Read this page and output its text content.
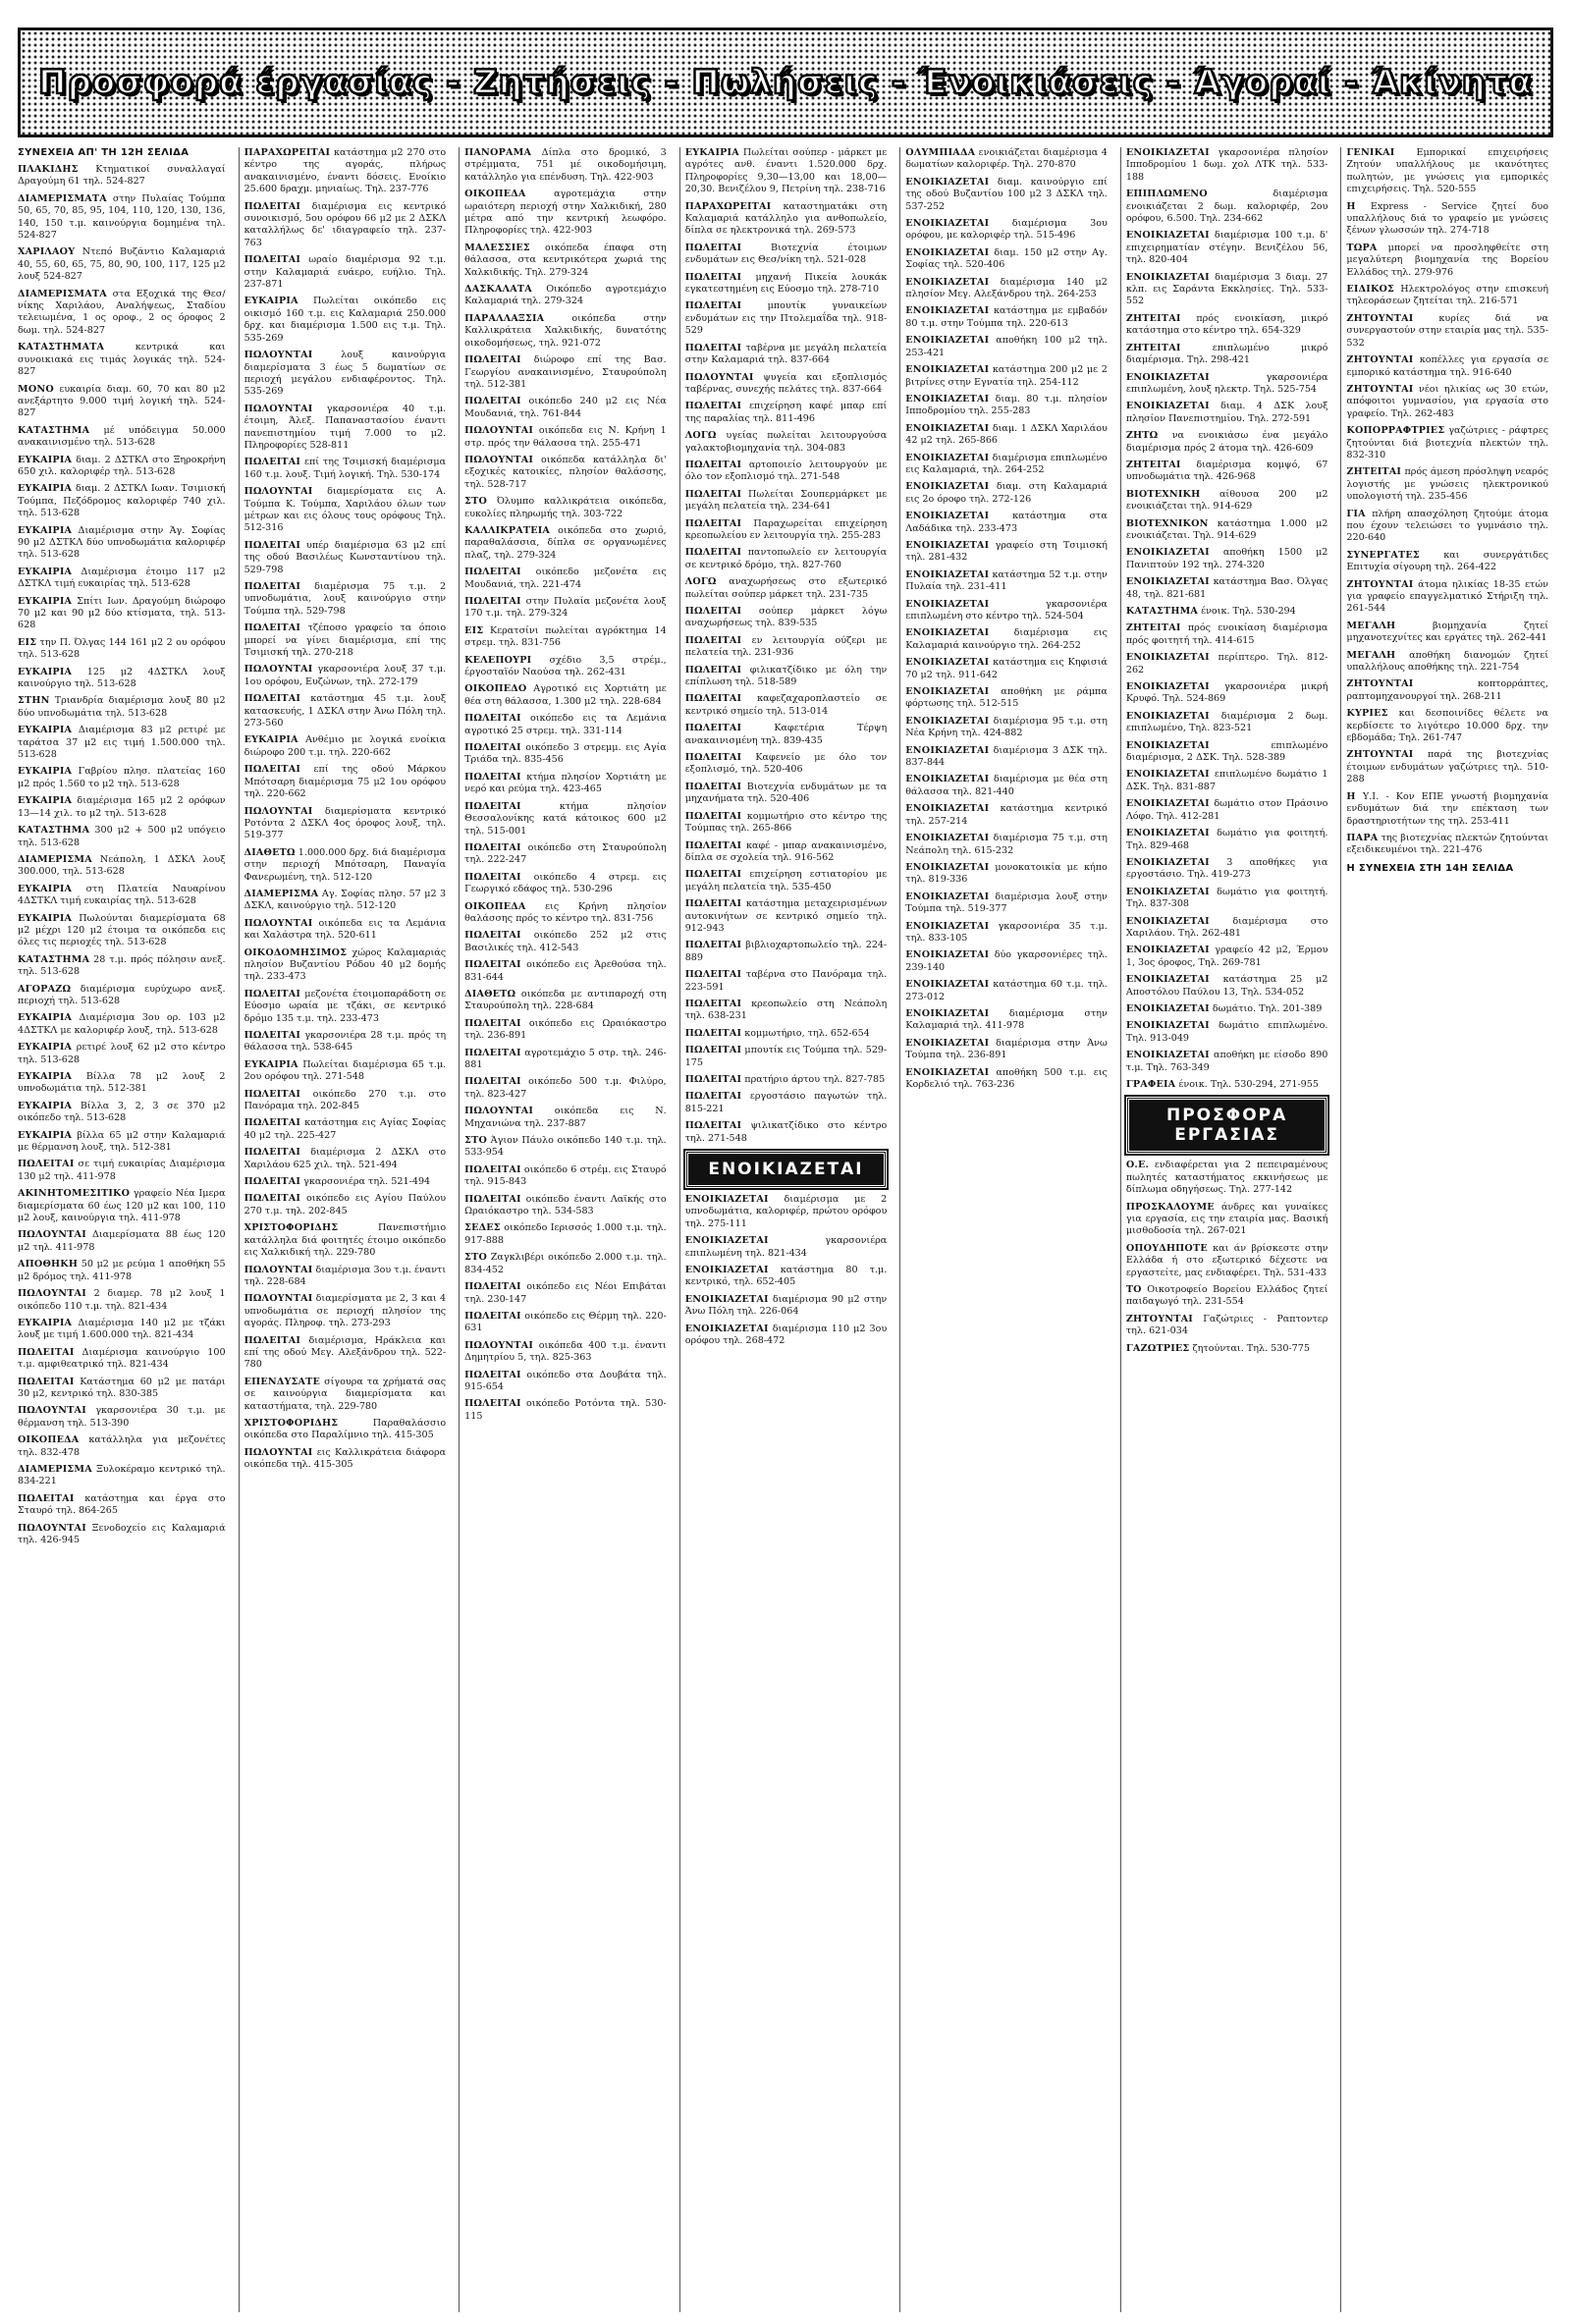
Προσφορά έργασίας - Ζητήσεις - Πωλήσεις - Ένοικιάσεις - Άγοραί - Άκίνητα
ΣΥΝΕΧΕΙΑ ΑΠ' ΤΗ 12Η ΣΕΛΙΔΑ

ΠΛΑΚΙΔΗΣ Κτηματικοί συναλλαγαί Δραγούμη 61 τηλ. 524-827

ΔΙΑΜΕΡΙΣΜΑΤΑ στην Πυλαίας Τούμπα 50, 65, 70, 85, 95, 104, 110, 120, 130, 136, 140, 150 τ.μ. καινούργια δομημένα τηλ. 524-827

ΧΑΡΙΛΑΟΥ Ντεπό Βυζάντιο Καλαμαριά 40, 55, 60, 65, 75, 80, 90, 100, 117, 125 μ2 λουξ 524-827

ΔΙΑΜΕΡΙΣΜΑΤΑ στα Εξοχικά της Θεσ/νίκης Χαριλάου, Αναλήψεως, Σταδίου τελειωμένα, 1 ος οροφ., 2 ος όροφος 2 δωμ. τηλ. 524-827

ΚΑΤΑΣΤΗΜΑΤΑ	κεντρικά και συνοικιακά εις τιμάς λογικάς τηλ. 524-827

ΜΟΝΟ ευκαιρία διαμ. 60, 70 και 80 μ2 ανεξάρτητο 9.000 τιμή λογική τηλ. 524-827

ΚΑΤΑΣΤΗΜΑ μέ υπόδειγμα 50.000 ανακαινισμένο τηλ. 513-628

ΕΥΚΑΙΡΙΑ διαμ. 2 ΔΣΤΚΛ στο Ξηροκρήνη 650 χιλ. καλοριφέρ τηλ. 513-628

ΕΥΚΑΙΡΙΑ διαμ. 2 ΔΣΤΚΛ Ιωαν. Τσιμισκή Τούμπα, Πεζόδρομος καλοριφέρ 740 χιλ. τηλ. 513-628

ΕΥΚΑΙΡΙΑ Διαμέρισμα στην Άγ. Σοφίας 90 μ2 ΔΣΤΚΛ δύο υπνοδωμάτια καλοριφέρ τηλ. 513-628

ΕΥΚΑΙΡΙΑ Διαμέρισμα έτοιμο 117 μ2 ΔΣΤΚΛ τιμή ευκαιρίας τηλ. 513-628

ΕΥΚΑΙΡΙΑ Σπίτι Ιων. Δραγούμη διώροφο 70 μ2 και 90 μ2 δύο κτίσματα, τηλ. 513-628

ΕΙΣ την Π. Όλγας 144 161 μ2 2 ου ορόφου τηλ. 513-628

ΕΥΚΑΙΡΙΑ 125 μ2 4ΔΣΤΚΛ λουξ καινούργιο τηλ. 513-628

ΣΤΗΝ Τριανδρία διαμέρισμα λουξ 80 μ2 δύο υπνοδωμάτια τηλ. 513-628

ΕΥΚΑΙΡΙΑ Διαμέρισμα 83 μ2 ρετιρέ με ταράτσα 37 μ2 εις τιμή 1.500.000 τηλ. 513-628

ΕΥΚΑΙΡΙΑ Γαβρίου πλησ. πλατείας 160 μ2 πρός 1.560 το μ2 τηλ. 513-628

ΕΥΚΑΙΡΙΑ διαμέρισμα 165 μ2 2 ορόφων 13—14 χιλ. το μ2 τηλ. 513-628

ΚΑΤΑΣΤΗΜΑ 300 μ2 + 500 μ2 υπόγειο τηλ. 513-628

ΔΙΑΜΕΡΙΣΜΑ Νεάπολη, 1 ΔΣΚΛ λουξ 300.000, τηλ. 513-628

ΕΥΚΑΙΡΙΑ στη Πλατεία Ναυαρίνου 4ΔΣΤΚΛ τιμή ευκαιρίας τηλ. 513-628

ΕΥΚΑΙΡΙΑ Πωλούνται διαμερίσματα 68 μ2 μέχρι 120 μ2 έτοιμα τα οικόπεδα εις όλες τις περιοχές τηλ. 513-628

ΚΑΤΑΣΤΗΜΑ 28 τ.μ. πρός πόλησιν ανεξ. τηλ. 513-628

ΑΓΟΡΑΖΩ διαμέρισμα ευρύχωρο ανεξ. περιοχή τηλ. 513-628

ΕΥΚΑΙΡΙΑ Διαμέρισμα 3ου ορ. 103 μ2 4ΔΣΤΚΛ με καλοριφέρ λουξ, τηλ. 513-628

ΕΥΚΑΙΡΙΑ ρετιρέ λουξ 62 μ2 στο κέντρο τηλ. 513-628

ΕΥΚΑΙΡΙΑ Βίλλα 78 μ2 λουξ 2 υπνοδωμάτια τηλ. 512-381

ΕΥΚΑΙΡΙΑ Βίλλα 3, 2, 3 σε 370 μ2 οικόπεδο τηλ. 513-628

ΕΥΚΑΙΡΙΑ βίλλα 65 μ2 στην Καλαμαριά με θέρμανση λουξ, τηλ. 512-381

ΠΩΛΕΙΤΑΙ σε τιμή ευκαιρίας Διαμέρισμα 130 μ2 τηλ. 411-978

ΑΚΙΝΗΤΟΜΕΣΙΤΙΚΟ γραφείο Νέα Ιμερα διαμερίσματα 60 έως 120 μ2 και 100, 110 μ2 λουξ, καινούργια τηλ. 411-978

ΠΩΛΟΥΝΤΑΙ Διαμερίσματα 88 έως 120 μ2 τηλ. 411-978

ΑΠΟΘΗΚΗ 50 μ2 με ρεύμα 1 αποθήκη 55 μ2 δρόμος τηλ. 411-978

ΠΩΛΟΥΝΤΑΙ 2 διαμερ. 78 μ2 λουξ 1 οικόπεδο 110 τ.μ. τηλ. 821-434

ΕΥΚΑΙΡΙΑ Διαμέρισμα 140 μ2 με τζάκι λουξ με τιμή 1.600.000 τηλ. 821-434

ΠΩΛΕΙΤΑΙ Διαμέρισμα καινούργιο 100 τ.μ. αμφιθεατρικό τηλ. 821-434

ΠΩΛΕΙΤΑΙ Κατάστημα 60 μ2 με πατάρι 30 μ2, κεντρικό τηλ. 830-385

ΠΩΛΟΥΝΤΑΙ γκαρσονιέρα 30 τ.μ. με θέρμανση τηλ. 513-390

ΟΙΚΟΠΕΔΑ κατάλληλα για μεζονέτες τηλ. 832-478

ΔΙΑΜΕΡΙΣΜΑ Ξυλοκέραμο κεντρικό τηλ. 834-221

ΠΩΛΕΙΤΑΙ κατάστημα και έργα στο Σταυρό τηλ. 864-265

ΠΩΛΟΥΝΤΑΙ Ξενοδοχείο εις Καλαμαριά τηλ. 426-945

ΠΑΡΑΧΩΡΕΙΤΑΙ κατάστημα μ2 270 στο κέντρο της αγοράς, πλήρως ανακαινισμένο, έναντι δόσεις. Ενοίκιο 25.600 δραχμ. μηνιαίως. Τηλ. 237-776

ΠΩΛΕΙΤΑΙ διαμέρισμα εις κεντρικό συνοικισμό, 5ου ορόφου 66 μ2 με 2 ΔΣΚΛ καταλλήλως δε' ιδιαγραφείο τηλ. 237-763

ΠΩΛΕΙΤΑΙ ωραίο διαμέρισμα 92 τ.μ. στην Καλαμαριά ευάερο, ευήλιο. Τηλ. 237-871

ΕΥΚΑΙΡΙΑ Πωλείται οικόπεδο εις οικισμό 160 τ.μ. εις Καλαμαριά 250.000 δρχ. και διαμέρισμα 1.500 εις τ.μ. Τηλ. 535-269

ΠΩΛΟΥΝΤΑΙ	λουξ καινούργια διαμερίσματα 3 έως 5 δωματίων σε περιοχή μεγάλου ενδιαφέροντος. Τηλ. 535-269

ΠΩΛΟΥΝΤΑΙ γκαρσονιέρα 40 τ.μ. έτοιμη, Άλεξ. Παπαναστασίου έναντι πανεπιστημίου τιμή 7.000 το μ2. Πληροφορίες 528-811

ΠΩΛΕΙΤΑΙ επί της Τσιμισκή διαμέρισμα 160 τ.μ. λουξ. Τιμή λογική. Τηλ. 530-174

ΠΩΛΟΥΝΤΑΙ διαμερίσματα εις Α. Τούμπα Κ. Τούμπα, Χαριλάου όλων των μέτρων και εις όλους τους ορόφους Τηλ. 512-316

ΠΩΛΕΙΤΑΙ υπέρ διαμέρισμα 63 μ2 επί της οδού Βασιλέως Κωνσταντίνου τηλ. 529-798

ΠΩΛΕΙΤΑΙ διαμέρισμα 75 τ.μ. 2 υπνοδωμάτια, λουξ καινούργιο στην Τούμπα τηλ. 529-798

ΠΩΛΕΙΤΑΙ τζέποσο γραφείο τα όποιο μπορεί να γίνει διαμέρισμα, επί της Τσιμισκή τηλ. 270-218

ΠΩΛΟΥΝΤΑΙ γκαρσονιέρα λουξ 37 τ.μ. 1ου ορόφου, Ευζώνων, τηλ. 272-179

ΠΩΛΕΙΤΑΙ κατάστημα 45 τ.μ. λουξ κατασκευής, 1 ΔΣΚΛ στην Άνω Πόλη τηλ. 273-560

ΕΥΚΑΙΡΙΑ Ανθέμιο με λογικά ενοίκια διώροφο 200 τ.μ. τηλ. 220-662

ΠΩΛΕΙΤΑΙ επί της οδού Μάρκου Μπότσαρη διαμέρισμα 75 μ2 1ου ορόφου τηλ. 220-662

ΠΩΛΟΥΝΤΑΙ διαμερίσματα κεντρικό Ροτόντα 2 ΔΣΚΛ 4ος όροφος λουξ, τηλ. 519-377

ΔΙΑΘΕΤΩ 1.000.000 δρχ. διά διαμέρισμα στην περιοχή Μπότσαρη, Παναγία Φανερωμένη, τηλ. 512-120

ΔΙΑΜΕΡΙΣΜΑ Αγ. Σοφίας πλησ. 57 μ2 3 ΔΣΚΛ, καινούργιο τηλ. 512-120

ΠΩΛΟΥΝΤΑΙ οικόπεδα εις τα Λεμάνια και Χαλάστρα τηλ. 520-611

ΟΙΚΟΔΟΜΗΣΙΜΟΣ χώρος Καλαμαριάς πλησίον Βυζαντίου Ρόδου 40 μ2 δομής τηλ. 233-473

ΠΩΛΕΙΤΑΙ μεζονέτα έτοιμοπαράδοτη σε Εύοσμο ωραία με τζάκι, σε κεντρικό δρόμο 135 τ.μ. τηλ. 233-473

ΠΩΛΕΙΤΑΙ γκαρσονιέρα 28 τ.μ. πρός τη θάλασσα τηλ. 538-645

ΕΥΚΑΙΡΙΑ Πωλείται διαμέρισμα 65 τ.μ. 2ου ορόφου τηλ. 271-548

ΠΩΛΕΙΤΑΙ οικόπεδο 270 τ.μ. στο Πανόραμα τηλ. 202-845

ΠΩΛΕΙΤΑΙ κατάστημα εις Αγίας Σοφίας 40 μ2 τηλ. 225-427

ΠΩΛΕΙΤΑΙ διαμέρισμα 2 ΔΣΚΛ στο Χαριλάου 625 χιλ. τηλ. 521-494

ΠΩΛΕΙΤΑΙ γκαρσονιέρα τηλ. 521-494

ΠΩΛΕΙΤΑΙ οικόπεδο εις Αγίου Παύλου 270 τ.μ. τηλ. 202-845

ΧΡΙΣΤΟΦΟΡΙΔΗΣ	Πανεπιστήμιο κατάλληλα διά φοιτητές έτοιμο οικόπεδο εις Χαλκιδική τηλ. 229-780

ΠΩΛΟΥΝΤΑΙ διαμέρισμα 3ου τ.μ. έναντι τηλ. 228-684

ΠΩΛΟΥΝΤΑΙ διαμερίσματα με 2, 3 και 4 υπνοδωμάτια σε περιοχή πλησίον της αγοράς. Πληροφ. τηλ. 273-293

ΠΩΛΕΙΤΑΙ διαμέρισμα, Ηράκλεια και επί της οδού Μεγ. Αλεξάνδρου τηλ. 522-780

ΕΠΕΝΔΥΣΑΤΕ σίγουρα τα χρήματά σας σε καινούργια διαμερίσματα και καταστήματα, τηλ. 229-780

ΧΡΙΣΤΟΦΟΡΙΔΗΣ	Παραθαλάσσιο οικόπεδα στο Παραλίμνιο τηλ. 415-305

ΠΩΛΟΥΝΤΑΙ εις Καλλικράτεια διάφορα οικόπεδα τηλ. 415-305

ΠΑΝΟΡΑΜΑ Δίπλα στο δρομικό, 3 στρέμματα, 751 μέ οικοδομήσιμη, κατάλληλο για επένδυση. Τηλ. 422-903

ΟΙΚΟΠΕΔΑ	αγροτεμάχια στην ωραιότερη περιοχή στην Χαλκιδική, 280 μέτρα από την κεντρική λεωφόρο. Πληροφορίες τηλ. 422-903

ΜΑΛΕΣΣΙΕΣ οικόπεδα έπαφα στη θάλασσα, στα κεντρικότερα χωριά της Χαλκιδικής. Τηλ. 279-324

ΔΑΣΚΑΛΑΤΑ Οικόπεδο αγροτεμάχιο Καλαμαριά τηλ. 279-324

ΠΑΡΑΛΛΑΞΣΙΑ	οικόπεδα στην Καλλικράτεια Χαλκιδικής, δυνατότης οικοδομήσεως, τηλ. 921-072

ΠΩΛΕΙΤΑΙ διώροφο επί της Βασ. Γεωργίου ανακαινισμένο, Σταυρούπολη τηλ. 512-381

ΠΩΛΕΙΤΑΙ οικόπεδο 240 μ2 εις Νέα Μουδανιά, τηλ. 761-844

ΠΩΛΟΥΝΤΑΙ οικόπεδα εις Ν. Κρήνη 1 στρ. πρός την θάλασσα τηλ. 255-471

ΠΩΛΟΥΝΤΑΙ οικόπεδα κατάλληλα δι' εξοχικές κατοικίες, πλησίον θαλάσσης, τηλ. 528-717

ΣΤΟ Όλυμπο καλλικράτεια οικόπεδα, ευκολίες πληρωμής τηλ. 303-722

ΚΑΛΛΙΚΡΑΤΕΙΑ οικόπεδα στο χωριό, παραθαλάσσια, δίπλα σε οργανωμένες πλαζ, τηλ. 279-324

ΠΩΛΕΙΤΑΙ οικόπεδο μεζονέτα εις Μουδανιά, τηλ. 221-474

ΠΩΛΕΙΤΑΙ στην Πυλαία μεζονέτα λουξ 170 τ.μ. τηλ. 279-324

ΕΙΣ Κερατσίνι πωλείται αγρόκτημα 14 στρεμ. τηλ. 831-756

ΚΕΛΕΠΟΥΡΙ σχέδιο 3,5 στρέμ., έργοσταϊόν Ναούσα τηλ. 262-431

ΟΙΚΟΠΕΔΟ Αγροτικό εις Χορτιάτη με θέα στη θάλασσα, 1.300 μ2 τηλ. 228-684

ΠΩΛΕΙΤΑΙ οικόπεδο εις τα Λεμάνια αγροτικό 25 στρεμ. τηλ. 331-114

ΠΩΛΕΙΤΑΙ οικόπεδο 3 στρεμμ. εις Αγία Τριάδα τηλ. 835-456

ΠΩΛΕΙΤΑΙ κτήμα πλησίον Χορτιάτη με νερό και ρεύμα τηλ. 423-465

ΠΩΛΕΙΤΑΙ	κτήμα πλησίον Θεσσαλονίκης κατά κάτοικος 600 μ2 τηλ. 515-001

ΠΩΛΕΙΤΑΙ οικόπεδο στη Σταυρούπολη τηλ. 222-247

ΠΩΛΕΙΤΑΙ οικόπεδο 4 στρεμ. εις Γεωργικό εδάφος τηλ. 530-296

ΟΙΚΟΠΕΔΑ εις Κρήνη πλησίον θαλάσσης πρός το κέντρο τηλ. 831-756

ΠΩΛΕΙΤΑΙ οικόπεδο 252 μ2 στις Βασιλικές τηλ. 412-543

ΠΩΛΕΙΤΑΙ οικόπεδο εις Άρεθούσα τηλ. 831-644

ΔΙΑΘΕΤΩ οικόπεδα με αντιπαροχή στη Σταυρούπολη τηλ. 228-684

ΠΩΛΕΙΤΑΙ οικόπεδο εις Ωραιόκαστρο τηλ. 236-891

ΠΩΛΕΙΤΑΙ αγροτεμάχιο 5 στρ. τηλ. 246-881

ΠΩΛΕΙΤΑΙ οικόπεδο 500 τ.μ. Φιλύρο, τηλ. 823-427

ΠΩΛΟΥΝΤΑΙ οικόπεδα εις Ν. Μηχανιώνα τηλ. 237-887

ΣΤΟ Άγιον Πάυλο οικόπεδο 140 τ.μ. τηλ. 533-954

ΠΩΛΕΙΤΑΙ οικόπεδο 6 στρέμ. εις Σταυρό τηλ. 915-843

ΠΩΛΕΙΤΑΙ οικόπεδο έναντι Λαϊκής στο Ωραιόκαστρο τηλ. 534-583

ΣΕΔΕΣ οικόπεδο Ιερισσός 1.000 τ.μ. τηλ. 917-888

ΣΤΟ Ζαγκλιβέρι οικόπεδο 2.000 τ.μ. τηλ. 834-452

ΠΩΛΕΙΤΑΙ οικόπεδο εις Νέοι Επιβάται τηλ. 230-147

ΠΩΛΕΙΤΑΙ οικόπεδο εις Θέρμη τηλ. 220-631

ΠΩΛΟΥΝΤΑΙ οικόπεδα 400 τ.μ. έναντι Δημητρίου 5, τηλ. 825-363

ΠΩΛΕΙΤΑΙ οικόπεδο στα Δουβάτα τηλ. 915-654

ΠΩΛΕΙΤΑΙ οικόπεδο Ροτόντα τηλ. 530-115

ΕΥΚΑΙΡΙΑ Πωλείται σούπερ - μάρκετ με αγρότες ανθ. έναντι 1.520.000 δρχ. Πληροφορίες 9,30—13,00 και 18,00—20,30. Βενιζέλου 9, Πετρίνη τηλ. 238-716

ΠΑΡΑΧΩΡΕΙΤΑΙ καταστηματάκι στη Καλαμαριά κατάλληλο για ανθοπωλείο, δίπλα σε ηλεκτρονικά τηλ. 269-573

ΠΩΛΕΙΤΑΙ	Βιοτεχνία έτοιμων ενδυμάτων εις Θεσ/νίκη τηλ. 521-028

ΠΩΛΕΙΤΑΙ μηχανή Πικεία λουκάκ εγκατεστημένη εις Εύοσμο τηλ. 278-710

ΠΩΛΕΙΤΑΙ	μπουτίκ γυναικείων ενδυμάτων εις την Πτολεμαΐδα τηλ. 918-529

ΠΩΛΕΙΤΑΙ ταβέρνα με μεγάλη πελατεία στην Καλαμαριά τηλ. 837-664

ΠΩΛΟΥΝΤΑΙ ψυγεία και εξοπλισμός ταβέρνας, συνεχής πελάτες τηλ. 837-664

ΠΩΛΕΙΤΑΙ επιχείρηση καφέ μπαρ επί της παραλίας τηλ. 811-496

ΛΟΓΩ υγείας πωλείται λειτουργούσα γαλακτοβιομηχανία τηλ. 304-083

ΠΩΛΕΙΤΑΙ αρτοποιείο λειτουργούν με όλο τον εξοπλισμό τηλ. 271-548

ΠΩΛΕΙΤΑΙ Πωλείται Σουπερμάρκετ με μεγάλη πελατεία τηλ. 234-641

ΠΩΛΕΙΤΑΙ Παραχωρείται επιχείρηση κρεοπωλείου εν λειτουργία τηλ. 255-283

ΠΩΛΕΙΤΑΙ παντοπωλείο εν λειτουργία σε κεντρικό δρόμο, τηλ. 827-760

ΛΟΓΩ αναχωρήσεως στο εξωτερικό πωλείται σούπερ μάρκετ τηλ. 231-735

ΠΩΛΕΙΤΑΙ σούπερ μάρκετ λόγω αναχωρήσεως τηλ. 839-535

ΠΩΛΕΙΤΑΙ εν λειτουργία ούζερι με πελατεία τηλ. 231-936

ΠΩΛΕΙΤΑΙ φιλικατζίδικο με όλη την επίπλωση τηλ. 518-589

ΠΩΛΕΙΤΑΙ καφεζαχαροπλαστείο σε κεντρικό σημείο τηλ. 513-014

ΠΩΛΕΙΤΑΙ	Καφετέρια Τέρψη ανακαινισμένη τηλ. 839-435

ΠΩΛΕΙΤΑΙ Καφενείο με όλο τον εξοπλισμό, τηλ. 520-406

ΠΩΛΕΙΤΑΙ Βιοτεχνία ενδυμάτων με τα μηχανήματα τηλ. 520-406

ΠΩΛΕΙΤΑΙ κομμωτήριο στο κέντρο της Τούμπας τηλ. 265-866

ΠΩΛΕΙΤΑΙ καφέ - μπαρ ανακαινισμένο, δίπλα σε σχολεία τηλ. 916-562

ΠΩΛΕΙΤΑΙ επιχείρηση εστιατορίου με μεγάλη πελατεία τηλ. 535-450

ΠΩΛΕΙΤΑΙ κατάστημα μεταχειρισμένων αυτοκινήτων σε κεντρικό σημείο τηλ. 912-943

ΠΩΛΕΙΤΑΙ βιβλιοχαρτοπωλείο τηλ. 224-889

ΠΩΛΕΙΤΑΙ ταβέρνα στο Πανόραμα τηλ. 223-591

ΠΩΛΕΙΤΑΙ κρεοπωλείο στη Νεάπολη τηλ. 638-231

ΠΩΛΕΙΤΑΙ κομμωτήριο, τηλ. 652-654

ΠΩΛΕΙΤΑΙ μπουτίκ εις Τούμπα τηλ. 529-175

ΠΩΛΕΙΤΑΙ πρατήριο άρτου τηλ. 827-785

ΠΩΛΕΙΤΑΙ εργοστάσιο παγωτών τηλ. 815-221

ΠΩΛΕΙΤΑΙ ψιλικατζίδικο στο κέντρο τηλ. 271-548

ΕΝΟΙΚΙΑΖΕΤΑΙ

ΕΝΟΙΚΙΑΖΕΤΑΙ διαμέρισμα με 2 υπνοδωμάτια, καλοριφέρ, πρώτου ορόφου τηλ. 275-111

ΕΝΟΙΚΙΑΖΕΤΑΙ	γκαρσονιέρα επιπλωμένη τηλ. 821-434

ΕΝΟΙΚΙΑΖΕΤΑΙ κατάστημα 80 τ.μ. κεντρικό, τηλ. 652-405

ΕΝΟΙΚΙΑΖΕΤΑΙ διαμέρισμα 90 μ2 στην Άνω Πόλη τηλ. 226-064

ΕΝΟΙΚΙΑΖΕΤΑΙ διαμέρισμα 110 μ2 3ου ορόφου τηλ. 268-472

ΟΛΥΜΠΙΑΔΑ ενοικιάζεται διαμέρισμα 4 δωματίων καλοριφέρ. Τηλ. 270-870

ΕΝΟΙΚΙΑΖΕΤΑΙ διαμ. καινούργιο επί της οδού Βυζαντίου 100 μ2 3 ΔΣΚΛ τηλ. 537-252

ΕΝΟΙΚΙΑΖΕΤΑΙ διαμέρισμα 3ου ορόφου, με καλοριφέρ τηλ. 515-496

ΕΝΟΙΚΙΑΖΕΤΑΙ διαμ. 150 μ2 στην Αγ. Σοφίας τηλ. 520-406

ΕΝΟΙΚΙΑΖΕΤΑΙ διαμέρισμα 140 μ2 πλησίον Μεγ. Αλεξάνδρου τηλ. 264-253

ΕΝΟΙΚΙΑΖΕΤΑΙ κατάστημα με εμβαδόν 80 τ.μ. στην Τούμπα τηλ. 220-613

ΕΝΟΙΚΙΑΖΕΤΑΙ αποθήκη 100 μ2 τηλ. 253-421

ΕΝΟΙΚΙΑΖΕΤΑΙ κατάστημα 200 μ2 με 2 βιτρίνες στην Εγνατία τηλ. 254-112

ΕΝΟΙΚΙΑΖΕΤΑΙ διαμ. 80 τ.μ. πλησίον Ιπποδρομίου τηλ. 255-283

ΕΝΟΙΚΙΑΖΕΤΑΙ διαμ. 1 ΔΣΚΛ Χαριλάου 42 μ2 τηλ. 265-866

ΕΝΟΙΚΙΑΖΕΤΑΙ διαμέρισμα επιπλωμένο εις Καλαμαριά, τηλ. 264-252

ΕΝΟΙΚΙΑΖΕΤΑΙ διαμ. στη Καλαμαριά εις 2ο όροφο τηλ. 272-126

ΕΝΟΙΚΙΑΖΕΤΑΙ κατάστημα στα Λαδάδικα τηλ. 233-473

ΕΝΟΙΚΙΑΖΕΤΑΙ γραφείο στη Τσιμισκή τηλ. 281-432

ΕΝΟΙΚΙΑΖΕΤΑΙ κατάστημα 52 τ.μ. στην Πυλαία τηλ. 231-411

ΕΝΟΙΚΙΑΖΕΤΑΙ	γκαρσονιέρα επιπλωμένη στο κέντρο τηλ. 524-504

ΕΝΟΙΚΙΑΖΕΤΑΙ	διαμέρισμα εις Καλαμαριά καινούργιο τηλ. 264-252

ΕΝΟΙΚΙΑΖΕΤΑΙ κατάστημα εις Κηφισιά 70 μ2 τηλ. 911-642

ΕΝΟΙΚΙΑΖΕΤΑΙ αποθήκη με ράμπα φόρτωσης τηλ. 512-515

ΕΝΟΙΚΙΑΖΕΤΑΙ διαμέρισμα 95 τ.μ. στη Νέα Κρήνη τηλ. 424-882

ΕΝΟΙΚΙΑΖΕΤΑΙ διαμέρισμα 3 ΔΣΚ τηλ. 837-844

ΕΝΟΙΚΙΑΖΕΤΑΙ διαμέρισμα με θέα στη θάλασσα τηλ. 821-440

ΕΝΟΙΚΙΑΖΕΤΑΙ κατάστημα κεντρικό τηλ. 257-214

ΕΝΟΙΚΙΑΖΕΤΑΙ διαμέρισμα 75 τ.μ. στη Νεάπολη τηλ. 615-232

ΕΝΟΙΚΙΑΖΕΤΑΙ μονοκατοικία με κήπο τηλ. 819-336

ΕΝΟΙΚΙΑΖΕΤΑΙ διαμέρισμα λουξ στην Τούμπα τηλ. 519-377

ΕΝΟΙΚΙΑΖΕΤΑΙ γκαρσονιέρα 35 τ.μ. τηλ. 833-105

ΕΝΟΙΚΙΑΖΕΤΑΙ δύο γκαρσονιέρες τηλ. 239-140

ΕΝΟΙΚΙΑΖΕΤΑΙ κατάστημα 60 τ.μ. τηλ. 273-012

ΕΝΟΙΚΙΑΖΕΤΑΙ διαμέρισμα στην Καλαμαριά τηλ. 411-978

ΕΝΟΙΚΙΑΖΕΤΑΙ διαμέρισμα στην Άνω Τούμπα τηλ. 236-891

ΕΝΟΙΚΙΑΖΕΤΑΙ αποθήκη 500 τ.μ. εις Κορδελιό τηλ. 763-236

ΕΝΟΙΚΙΑΖΕΤΑΙ γκαρσονιέρα πλησίον Ιπποδρομίου 1 δωμ. χολ ΛΤΚ τηλ. 533-188

ΕΠΙΠΛΩΜΕΝΟ	διαμέρισμα ενοικιάζεται 2 δωμ. καλοριφέρ, 2ου ορόφου, 6.500. Τηλ. 234-662

ΕΝΟΙΚΙΑΖΕΤΑΙ διαμέρισμα 100 τ.μ. δ' επιχειρηματίαν στέγην. Βενιζέλου 56, τηλ. 820-404

ΕΝΟΙΚΙΑΖΕΤΑΙ διαμέρισμα 3 διαμ. 27 κλπ. εις Σαράντα Εκκλησίες. Τηλ. 533-552

ΖΗΤΕΙΤΑΙ πρός ενοικίαση, μικρό κατάστημα στο κέντρο τηλ. 654-329

ΖΗΤΕΙΤΑΙ	επιπλωμένο μικρό διαμέρισμα. Τηλ. 298-421

ΕΝΟΙΚΙΑΖΕΤΑΙ	γκαρσονιέρα επιπλωμένη, λουξ ηλεκτρ. Τηλ. 525-754

ΕΝΟΙΚΙΑΖΕΤΑΙ διαμ. 4 ΔΣΚ λουξ πλησίον Πανεπιστημίου. Τηλ. 272-591

ΖΗΤΩ να ενοικιάσω ένα μεγάλο διαμέρισμα πρός 2 άτομα τηλ. 426-609

ΖΗΤΕΙΤΑΙ διαμέρισμα κομψό, 67 υπνοδωμάτια τηλ. 426-968

ΒΙΟΤΕΧΝΙΚΗ αίθουσα 200 μ2 ενοικιάζεται τηλ. 914-629

ΒΙΟΤΕΧΝΙΚΟΝ κατάστημα 1.000 μ2 ενοικιάζεται. Τηλ. 914-629

ΕΝΟΙΚΙΑΖΕΤΑΙ αποθήκη 1500 μ2 Πανιπτούν 192 τηλ. 274-320

ΕΝΟΙΚΙΑΖΕΤΑΙ κατάστημα Βασ. Όλγας 48, τηλ. 821-681

ΚΑΤΑΣΤΗΜΑ ένοικ. Τηλ. 530-294

ΖΗΤΕΙΤΑΙ πρός ενοικίαση διαμέρισμα πρός φοιτητή τηλ. 414-615

ΕΝΟΙΚΙΑΖΕΤΑΙ περίπτερο. Τηλ. 812-262

ΕΝΟΙΚΙΑΖΕΤΑΙ γκαρσονιέρα μικρή Κρυφό. Τηλ. 524-869

ΕΝΟΙΚΙΑΖΕΤΑΙ διαμέρισμα 2 δωμ. επιπλωμένο, Τηλ. 823-521

ΕΝΟΙΚΙΑΖΕΤΑΙ	επιπλωμένο διαμέρισμα, 2 ΔΣΚ. Τηλ. 528-389

ΕΝΟΙΚΙΑΖΕΤΑΙ επιπλωμένο δωμάτιο 1 ΔΣΚ. Τηλ. 831-887

ΕΝΟΙΚΙΑΖΕΤΑΙ δωμάτιο στον Πράσινο Λόφο. Τηλ. 412-281

ΕΝΟΙΚΙΑΖΕΤΑΙ δωμάτιο για φοιτητή. Τηλ. 829-468

ΕΝΟΙΚΙΑΖΕΤΑΙ 3 αποθήκες για εργοστάσιο. Τηλ. 419-273

ΕΝΟΙΚΙΑΖΕΤΑΙ δωμάτιο για φοιτητή. Τηλ. 837-308

ΕΝΟΙΚΙΑΖΕΤΑΙ διαμέρισμα στο Χαριλάου. Τηλ. 262-481

ΕΝΟΙΚΙΑΖΕΤΑΙ γραφείο 42 μ2, Έρμου 1, 3ος όροφος, Τηλ. 269-781

ΕΝΟΙΚΙΑΖΕΤΑΙ κατάστημα 25 μ2 Αποστόλου Παύλου 13, Τηλ. 534-052

ΕΝΟΙΚΙΑΖΕΤΑΙ δωμάτιο. Τηλ. 201-389

ΕΝΟΙΚΙΑΖΕΤΑΙ δωμάτιο επιπλωμένο. Τηλ. 913-049

ΕΝΟΙΚΙΑΖΕΤΑΙ αποθήκη με είσοδο 890 τ.μ. Τηλ. 763-349

ΓΡΑΦΕΙΑ ένοικ. Τηλ. 530-294, 271-955

ΠΡΟΣΦΟΡΑ ΕΡΓΑΣΙΑΣ

Ο.Ε. ενδιαφέρεται για 2 πεπειραμένους πωλητές καταστήματος εκκινήσεως με δίπλωμα οδηγήσεως. Τηλ. 277-142

ΠΡΟΣΚΑΛΟΥΜΕ άνδρες και γυναίκες για εργασία, εις την εταιρία μας. Βασική μισθοδοσία τηλ. 267-021

ΟΠΟΥΔΗΠΟΤΕ και άν βρίσκεστε στην Ελλάδα ή στο εξωτερικό δέχεστε να εργαστείτε, μας ενδιαφέρει. Τηλ. 531-433

ΤΟ Οικοτροφείο Βορείου Ελλάδος ζητεί παιδαγωγό τηλ. 231-554

ΖΗΤΟΥΝΤΑΙ Γαζώτριες - Ραπτοντερ τηλ. 621-034

ΓΑΖΩΤΡΙΕΣ ζητούνται. Τηλ. 530-775

ΓΕΝΙΚΑΙ Εμπορικαί επιχειρήσεις Ζητούν υπαλλήλους με ικανότητες πωλητών, με γνώσεις για εμπορικές επιχειρήσεις. Τηλ. 520-555

Η Express - Service ζητεί δυο υπαλλήλους διά το γραφείο με γνώσεις ξένων γλωσσών τηλ. 274-718

ΤΩΡΑ μπορεί να προσληφθείτε στη μεγαλύτερη βιομηχανία της Βορείου Ελλάδος τηλ. 279-976

ΕΙΔΙΚΟΣ Ηλεκτρολόγος στην επισκευή τηλεοράσεων ζητείται τηλ. 216-571

ΖΗΤΟΥΝΤΑΙ	κυρίες διά να συνεργαστούν στην εταιρία μας τηλ. 535-532

ΖΗΤΟΥΝΤΑΙ κοπέλλες για εργασία σε εμπορικό κατάστημα τηλ. 916-640

ΖΗΤΟΥΝΤΑΙ νέοι ηλικίας ως 30 ετών, απόφοιτοι γυμνασίου, για εργασία στο γραφείο. Τηλ. 262-483

ΚΟΠΟΡΡΑΦΤΡΙΕΣ γαζώτριες - ράφτρες ζητούνται διά βιοτεχνία πλεκτών τηλ. 832-310

ΖΗΤΕΙΤΑΙ πρός άμεση πρόσληψη νεαρός λογιστής με γνώσεις ηλεκτρονικού υπολογιστή τηλ. 235-456

ΓΙΑ πλήρη απασχόληση ζητούμε άτομα που έχουν τελειώσει το γυμνάσιο τηλ. 220-640

ΣΥΝΕΡΓΑΤΕΣ	και συνεργάτιδες Επιτυχία σίγουρη τηλ. 264-422

ΖΗΤΟΥΝΤΑΙ άτομα ηλικίας 18-35 ετών για γραφείο επαγγελματικό Στήριξη τηλ. 261-544

ΜΕΓΑΛΗ	βιομηχανία ζητεί μηχανοτεχνίτες και εργάτες τηλ. 262-441

ΜΕΓΑΛΗ αποθήκη διανομών ζητεί υπαλλήλους αποθήκης τηλ. 221-754

ΖΗΤΟΥΝΤΑΙ	κοπτορράπτες, ραπτομηχανουργοί τηλ. 268-211

ΚΥΡΙΕΣ και δεσποινίδες θέλετε να κερδίσετε το λιγότερο 10.000 δρχ. την εβδομάδα; Τηλ. 261-747

ΖΗΤΟΥΝΤΑΙ παρά της βιοτεχνίας έτοιμων ενδυμάτων γαζώτριες τηλ. 510-288

Η Υ.Ι. - Κον ΕΠΕ γνωστή βιομηχανία ενδυμάτων διά την επέκταση των δραστηριοτήτων της τηλ. 253-411

ΠΑΡΑ της βιοτεχνίας πλεκτών ζητούνται εξειδικευμένοι τηλ. 221-476

Η ΣΥΝΕΧΕΙΑ ΣΤΗ 14Η ΣΕΛΙΔΑ
